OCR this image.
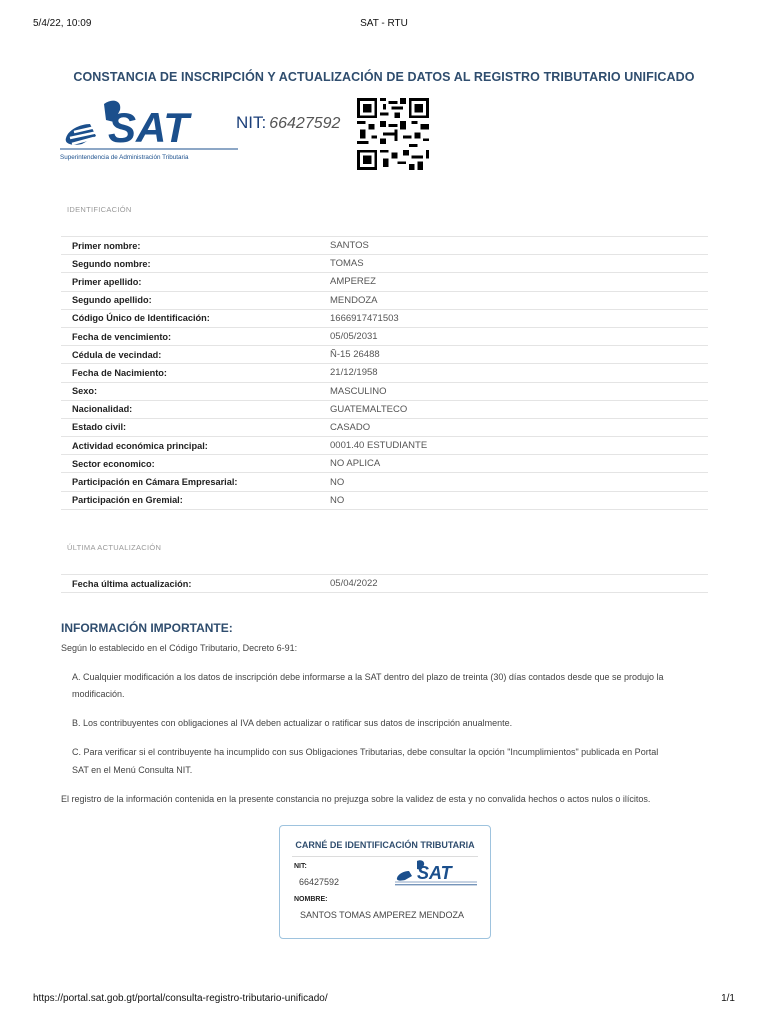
5/4/22, 10:09	SAT - RTU
CONSTANCIA DE INSCRIPCIÓN Y ACTUALIZACIÓN DE DATOS AL REGISTRO TRIBUTARIO UNIFICADO
SAT
Superintendencia de Administración Tributaria
NIT: 66427592
IDENTIFICACIÓN
Primer nombre:	SANTOS
Segundo nombre:	TOMAS
Primer apellido:	AMPEREZ
Segundo apellido:	MENDOZA
Código Único de Identificación:	1666917471503
Fecha de vencimiento:	05/05/2031
Cédula de vecindad:	Ñ-15 26488
Fecha de Nacimiento:	21/12/1958
Sexo:	MASCULINO
Nacionalidad:	GUATEMALTECO
Estado civil:	CASADO
Actividad económica principal:	0001.40 ESTUDIANTE
Sector economico:	NO APLICA
Participación en Cámara Empresarial:	NO
Participación en Gremial:	NO
ÚLTIMA ACTUALIZACIÓN
Fecha última actualización:	05/04/2022
INFORMACIÓN IMPORTANTE:
Según lo establecido en el Código Tributario, Decreto 6-91:
A. Cualquier modificación a los datos de inscripción debe informarse a la SAT dentro del plazo de treinta (30) días contados desde que se produjo la
modificación.
B. Los contribuyentes con obligaciones al IVA deben actualizar o ratificar sus datos de inscripción anualmente.
C. Para verificar si el contribuyente ha incumplido con sus Obligaciones Tributarias, debe consultar la opción "Incumplimientos" publicada en Portal
SAT en el Menú Consulta NIT.
El registro de la información contenida en la presente constancia no prejuzga sobre la validez de esta y no convalida hechos o actos nulos o ilícitos.
CARNÉ DE IDENTIFICACIÓN TRIBUTARIA
NIT:
66427592
NOMBRE:
SANTOS TOMAS AMPEREZ MENDOZA
SAT
https://portal.sat.gob.gt/portal/consulta-registro-tributario-unificado/	1/1
